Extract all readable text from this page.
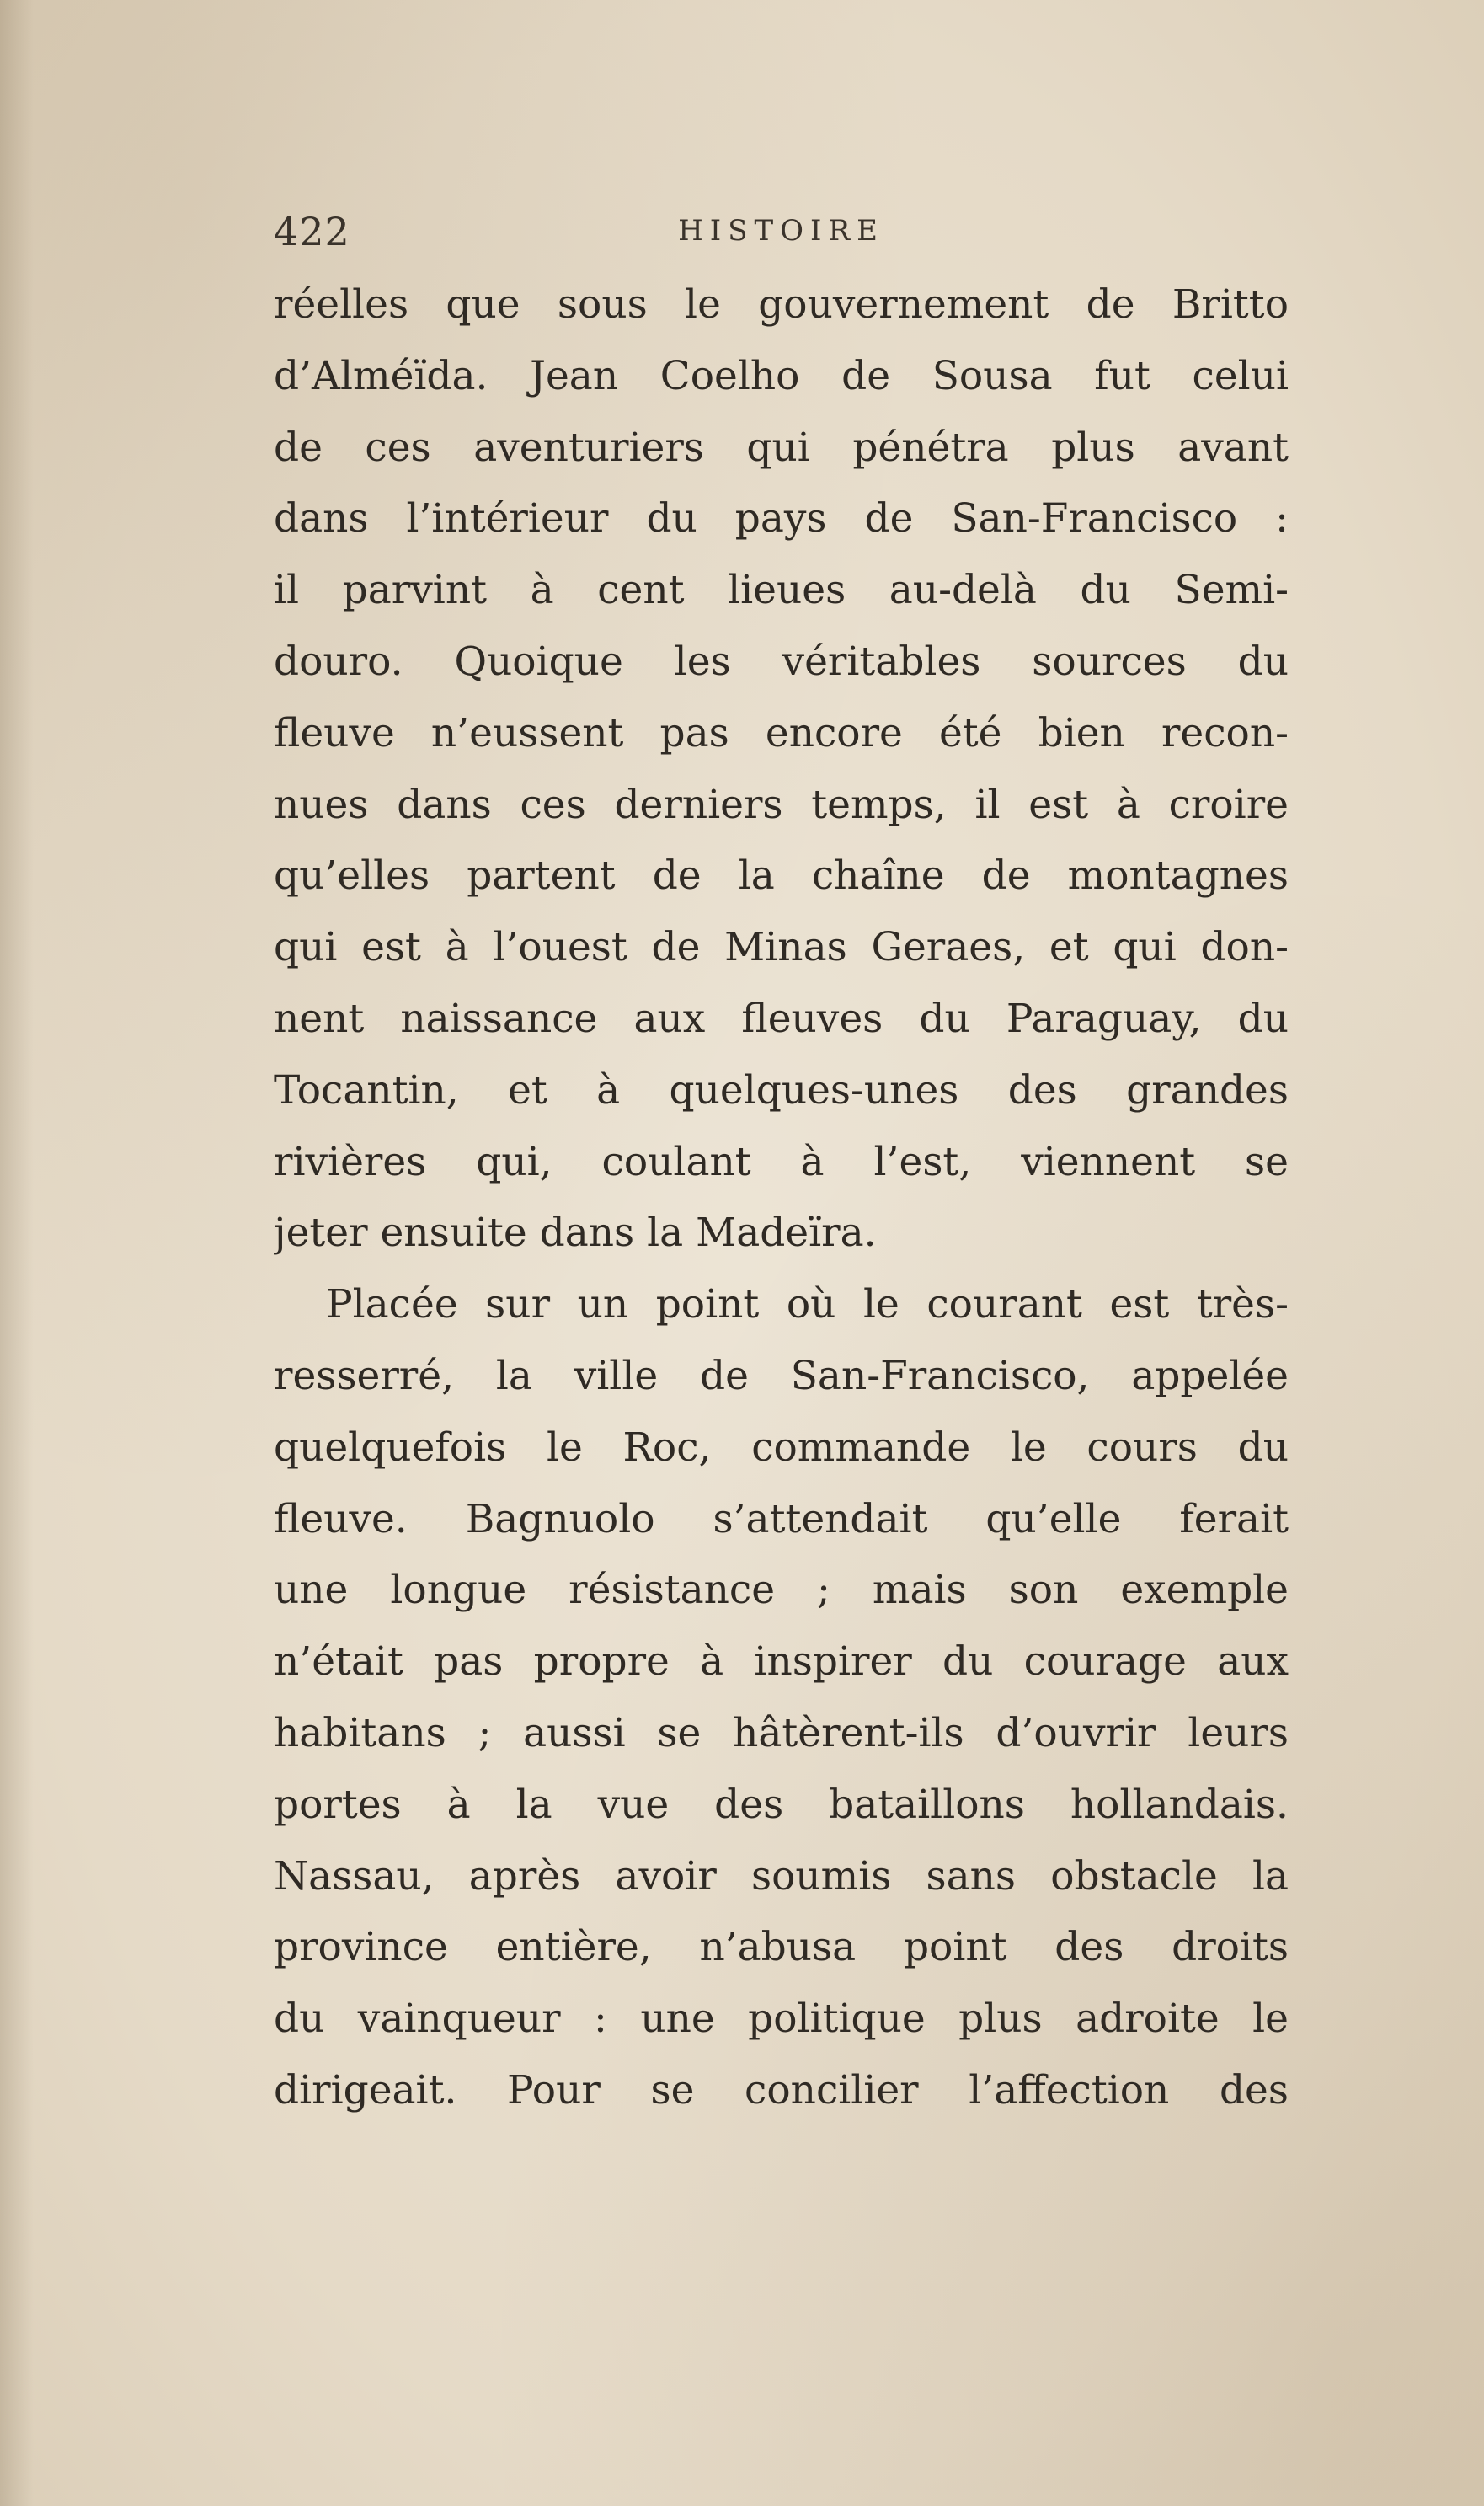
422	HISTOIRE
réelles que sous le gouvernement de Britto
d’Alméïda. Jean Coelho de Sousa fut celui
de ces aventuriers qui pénétra plus avant
dans l’intérieur du pays de San-Francisco :
il parvint à cent lieues au-delà du Semi-
douro. Quoique les véritables sources du
fleuve n’eussent pas encore été bien recon-
nues dans ces derniers temps, il est à croire
qu’elles partent de la chaîne de montagnes
qui est à l’ouest de Minas Geraes, et qui don-
nent naissance aux fleuves du Paraguay, du
Tocantin, et à quelques-unes des grandes
rivières qui, coulant à l’est, viennent se
jeter ensuite dans la Madeïra.
Placée sur un point où le courant est très-
resserré, la ville de San-Francisco, appelée
quelquefois le Roc, commande le cours du
fleuve. Bagnuolo s’attendait qu’elle ferait
une longue résistance ; mais son exemple
n’était pas propre à inspirer du courage aux
habitans ; aussi se hâtèrent-ils d’ouvrir leurs
portes à la vue des bataillons hollandais.
Nassau, après avoir soumis sans obstacle la
province entière, n’abusa point des droits
du vainqueur : une politique plus adroite le
dirigeait. Pour se concilier l’affection des
